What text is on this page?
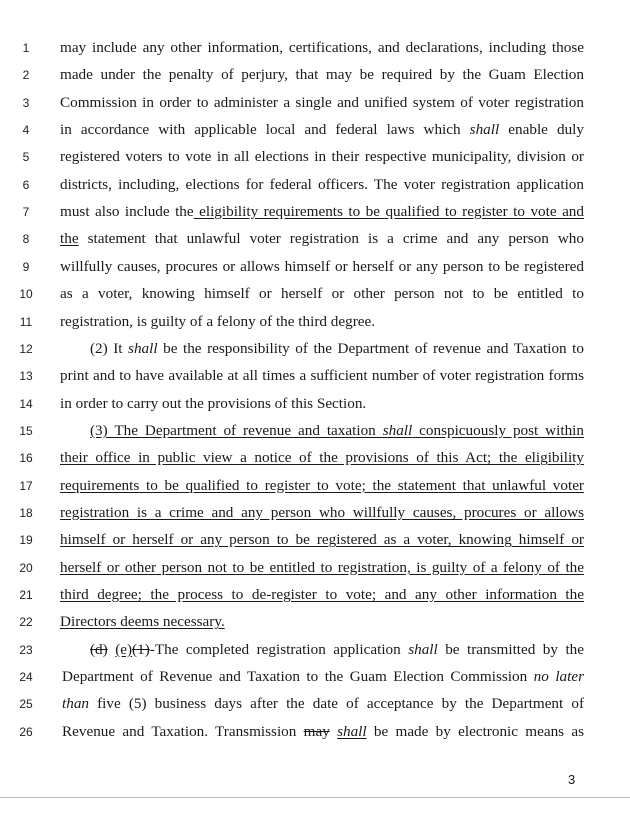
1	may include any other information, certifications, and declarations, including those
2	made under the penalty of perjury, that may be required by the Guam Election
3	Commission in order to administer a single and unified system of voter registration
4	in accordance with applicable local and federal laws which shall enable duly
5	registered voters to vote in all elections in their respective municipality, division or
6	districts, including, elections for federal officers. The voter registration application
7	must also include the eligibility requirements to be qualified to register to vote and
8	the statement that unlawful voter registration is a crime and any person who
9	willfully causes, procures or allows himself or herself or any person to be registered
10	as a voter, knowing himself or herself or other person not to be entitled to
11	registration, is guilty of a felony of the third degree.
12	(2) It shall be the responsibility of the Department of revenue and Taxation to
13	print and to have available at all times a sufficient number of voter registration forms
14	in order to carry out the provisions of this Section.
15	(3) The Department of revenue and taxation shall conspicuously post within
16	their office in public view a notice of the provisions of this Act; the eligibility
17	requirements to be qualified to register to vote; the statement that unlawful voter
18	registration is a crime and any person who willfully causes, procures or allows
19	himself or herself or any person to be registered as a voter, knowing himself or
20	herself or other person not to be entitled to registration, is guilty of a felony of the
21	third degree; the process to de-register to vote; and any other information the
22	Directors deems necessary.
23	(d) (e)(1)-The completed registration application shall be transmitted by the
24	Department of Revenue and Taxation to the Guam Election Commission no later
25	than five (5) business days after the date of acceptance by the Department of
26	Revenue and Taxation. Transmission may shall be made by electronic means as
3
